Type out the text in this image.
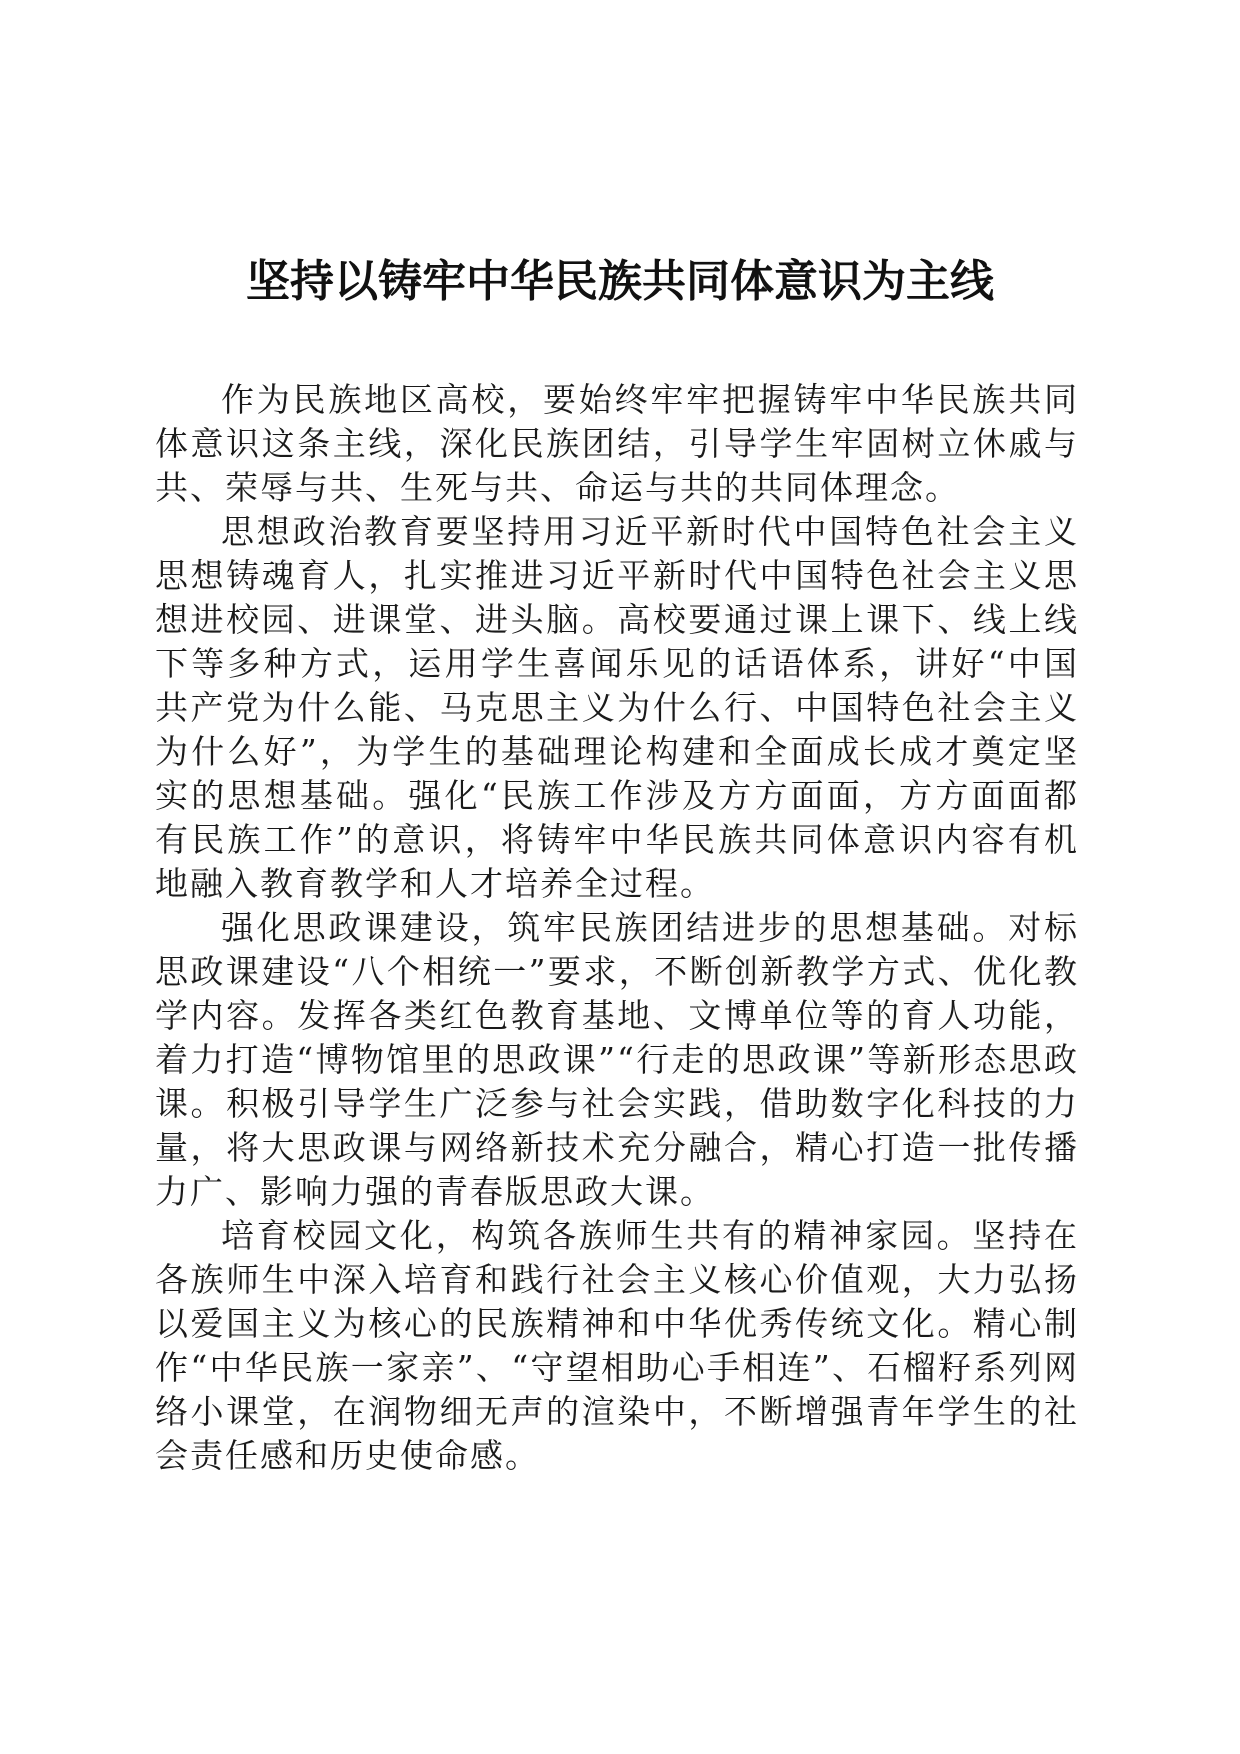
坚持以铸牢中华民族共同体意识为主线

作为民族地区高校，要始终牢牢把握铸牢中华民族共同体意识这条主线，深化民族团结，引导学生牢固树立休戚与共、荣辱与共、生死与共、命运与共的共同体理念。

思想政治教育要坚持用习近平新时代中国特色社会主义思想铸魂育人，扎实推进习近平新时代中国特色社会主义思想进校园、进课堂、进头脑。高校要通过课上课下、线上线下等多种方式，运用学生喜闻乐见的话语体系，讲好“中国共产党为什么能、马克思主义为什么行、中国特色社会主义为什么好”，为学生的基础理论构建和全面成长成才奠定坚实的思想基础。强化“民族工作涉及方方面面，方方面面都有民族工作”的意识，将铸牢中华民族共同体意识内容有机地融入教育教学和人才培养全过程。

强化思政课建设，筑牢民族团结进步的思想基础。对标思政课建设“八个相统一”要求，不断创新教学方式、优化教学内容。发挥各类红色教育基地、文博单位等的育人功能，着力打造“博物馆里的思政课”“行走的思政课”等新形态思政课。积极引导学生广泛参与社会实践，借助数字化科技的力量，将大思政课与网络新技术充分融合，精心打造一批传播力广、影响力强的青春版思政大课。

培育校园文化，构筑各族师生共有的精神家园。坚持在各族师生中深入培育和践行社会主义核心价值观，大力弘扬以爱国主义为核心的民族精神和中华优秀传统文化。精心制作“中华民族一家亲”、“守望相助心手相连”、石榴籽系列网络小课堂，在润物细无声的渲染中，不断增强青年学生的社会责任感和历史使命感。
